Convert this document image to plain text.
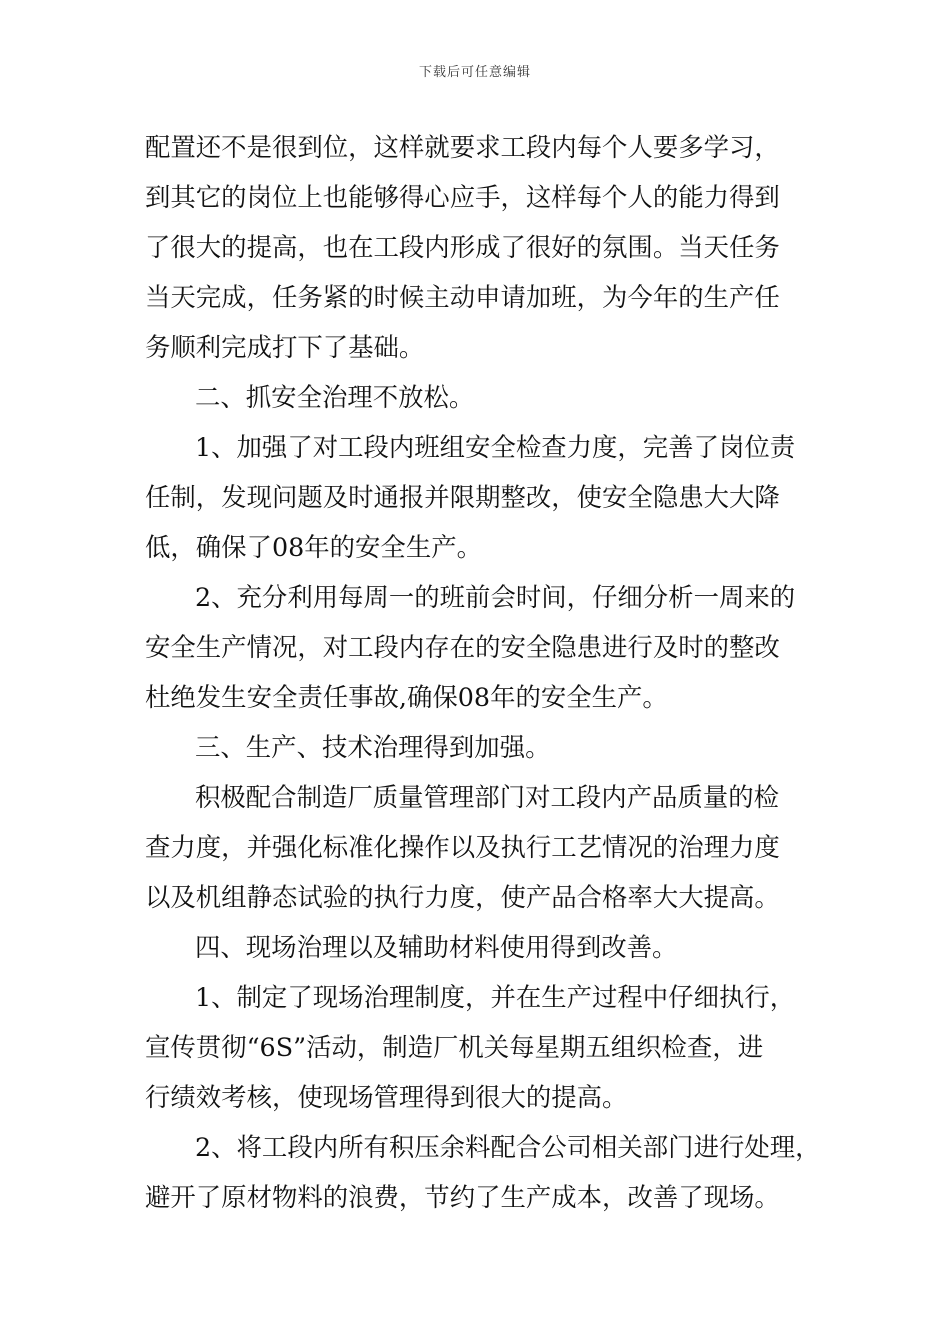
下载后可任意编辑
配置还不是很到位，这样就要求工段内每个人要多学习，
到其它的岗位上也能够得心应手，这样每个人的能力得到
了很大的提高，也在工段内形成了很好的氛围。当天任务
当天完成，任务紧的时候主动申请加班，为今年的生产任
务顺利完成打下了基础。
二、抓安全治理不放松。
1、加强了对工段内班组安全检查力度，完善了岗位责
任制，发现问题及时通报并限期整改，使安全隐患大大降
低，确保了08年的安全生产。
2、充分利用每周一的班前会时间，仔细分析一周来的
安全生产情况，对工段内存在的安全隐患进行及时的整改
杜绝发生安全责任事故,确保08年的安全生产。
三、生产、技术治理得到加强。
积极配合制造厂质量管理部门对工段内产品质量的检
查力度，并强化标准化操作以及执行工艺情况的治理力度
以及机组静态试验的执行力度，使产品合格率大大提高。
四、现场治理以及辅助材料使用得到改善。
1、制定了现场治理制度，并在生产过程中仔细执行，
宣传贯彻“6S”活动，制造厂机关每星期五组织检查，进
行绩效考核，使现场管理得到很大的提高。
2、将工段内所有积压余料配合公司相关部门进行处理，
避开了原材物料的浪费，节约了生产成本，改善了现场。
